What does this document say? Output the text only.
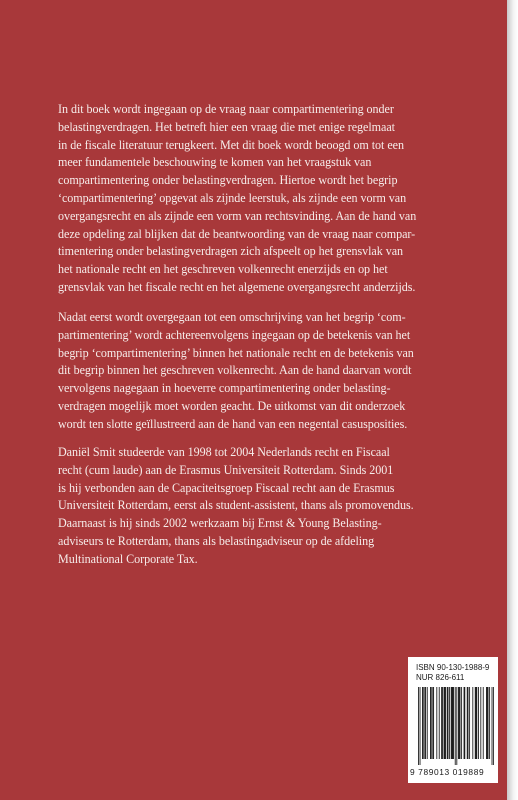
In dit boek wordt ingegaan op de vraag naar compartimentering onder
belastingverdragen. Het betreft hier een vraag die met enige regelmaat
in de fiscale literatuur terugkeert. Met dit boek wordt beoogd om tot een
meer fundamentele beschouwing te komen van het vraagstuk van
compartimentering onder belastingverdragen. Hiertoe wordt het begrip
‘compartimentering’ opgevat als zijnde leerstuk, als zijnde een vorm van
overgangsrecht en als zijnde een vorm van rechtsvinding. Aan de hand van
deze opdeling zal blijken dat de beantwoording van de vraag naar compar-
timentering onder belastingverdragen zich afspeelt op het grensvlak van
het nationale recht en het geschreven volkenrecht enerzijds en op het
grensvlak van het fiscale recht en het algemene overgangsrecht anderzijds.
Nadat eerst wordt overgegaan tot een omschrijving van het begrip ‘com-
partimentering’ wordt achtereenvolgens ingegaan op de betekenis van het
begrip ‘compartimentering’ binnen het nationale recht en de betekenis van
dit begrip binnen het geschreven volkenrecht. Aan de hand daarvan wordt
vervolgens nagegaan in hoeverre compartimentering onder belasting-
verdragen mogelijk moet worden geacht. De uitkomst van dit onderzoek
wordt ten slotte geïllustreerd aan de hand van een negental casusposities.
Daniël Smit studeerde van 1998 tot 2004 Nederlands recht en Fiscaal
recht (cum laude) aan de Erasmus Universiteit Rotterdam. Sinds 2001
is hij verbonden aan de Capaciteitsgroep Fiscaal recht aan de Erasmus
Universiteit Rotterdam, eerst als student-assistent, thans als promovendus.
Daarnaast is hij sinds 2002 werkzaam bij Ernst & Young Belasting-
adviseurs te Rotterdam, thans als belastingadviseur op de afdeling
Multinational Corporate Tax.
ISBN 90-130-1988-9
NUR 826-611
9 789013 019889
